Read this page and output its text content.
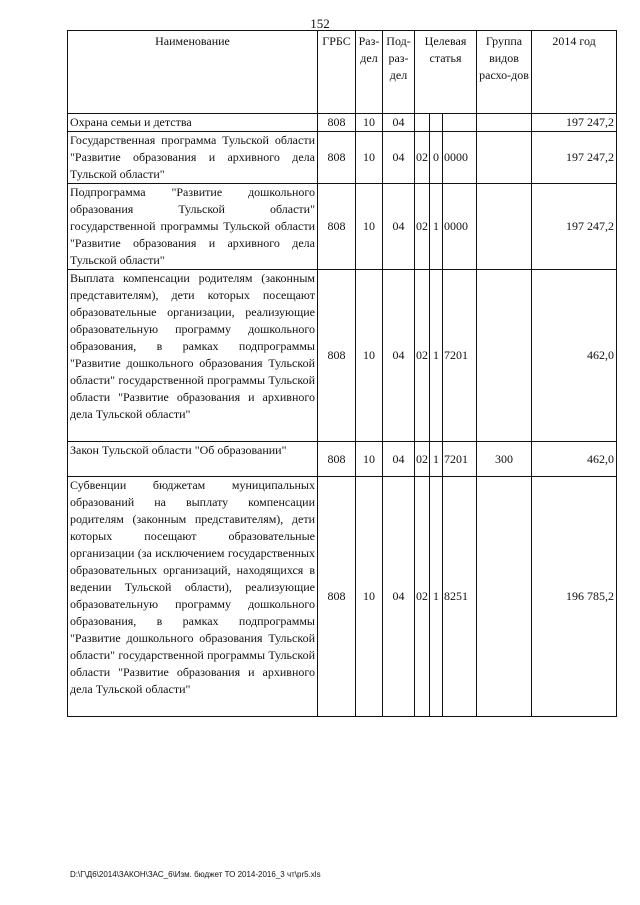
152
Наименование	ГРБС	Раз-дел	Под-раз-дел	Целевая статья			Группа видов расхо-дов	2014 год
Охрана семьи и детства	808	10	04					197 247,2
Государственная программа Тульской области "Развитие образования и архивного дела Тульской области"	808	10	04	02	0	0000		197 247,2
Подпрограмма "Развитие дошкольного образования Тульской области" государственной программы Тульской области "Развитие образования и архивного дела Тульской области"	808	10	04	02	1	0000		197 247,2
Выплата компенсации родителям (законным представителям), дети которых посещают образовательные организации, реализующие образовательную программу дошкольного образования, в рамках подпрограммы "Развитие дошкольного образования Тульской области" государственной программы Тульской области "Развитие образования и архивного дела Тульской области"	808	10	04	02	1	7201		462,0
Закон Тульской области "Об образовании"	808	10	04	02	1	7201	300	462,0
Субвенции бюджетам муниципальных образований на выплату компенсации родителям (законным представителям), дети которых посещают образовательные организации (за исключением государственных образовательных организаций, находящихся в ведении Тульской области), реализующие образовательную программу дошкольного образования, в рамках подпрограммы "Развитие дошкольного образования Тульской области" государственной программы Тульской области "Развитие образования и архивного дела Тульской области"	808	10	04	02	1	8251		196 785,2
D:\Г\Д6\2014\ЗАКОН\ЗАС_6\Изм. бюджет ТО 2014-2016_3 чт\pr5.xls
